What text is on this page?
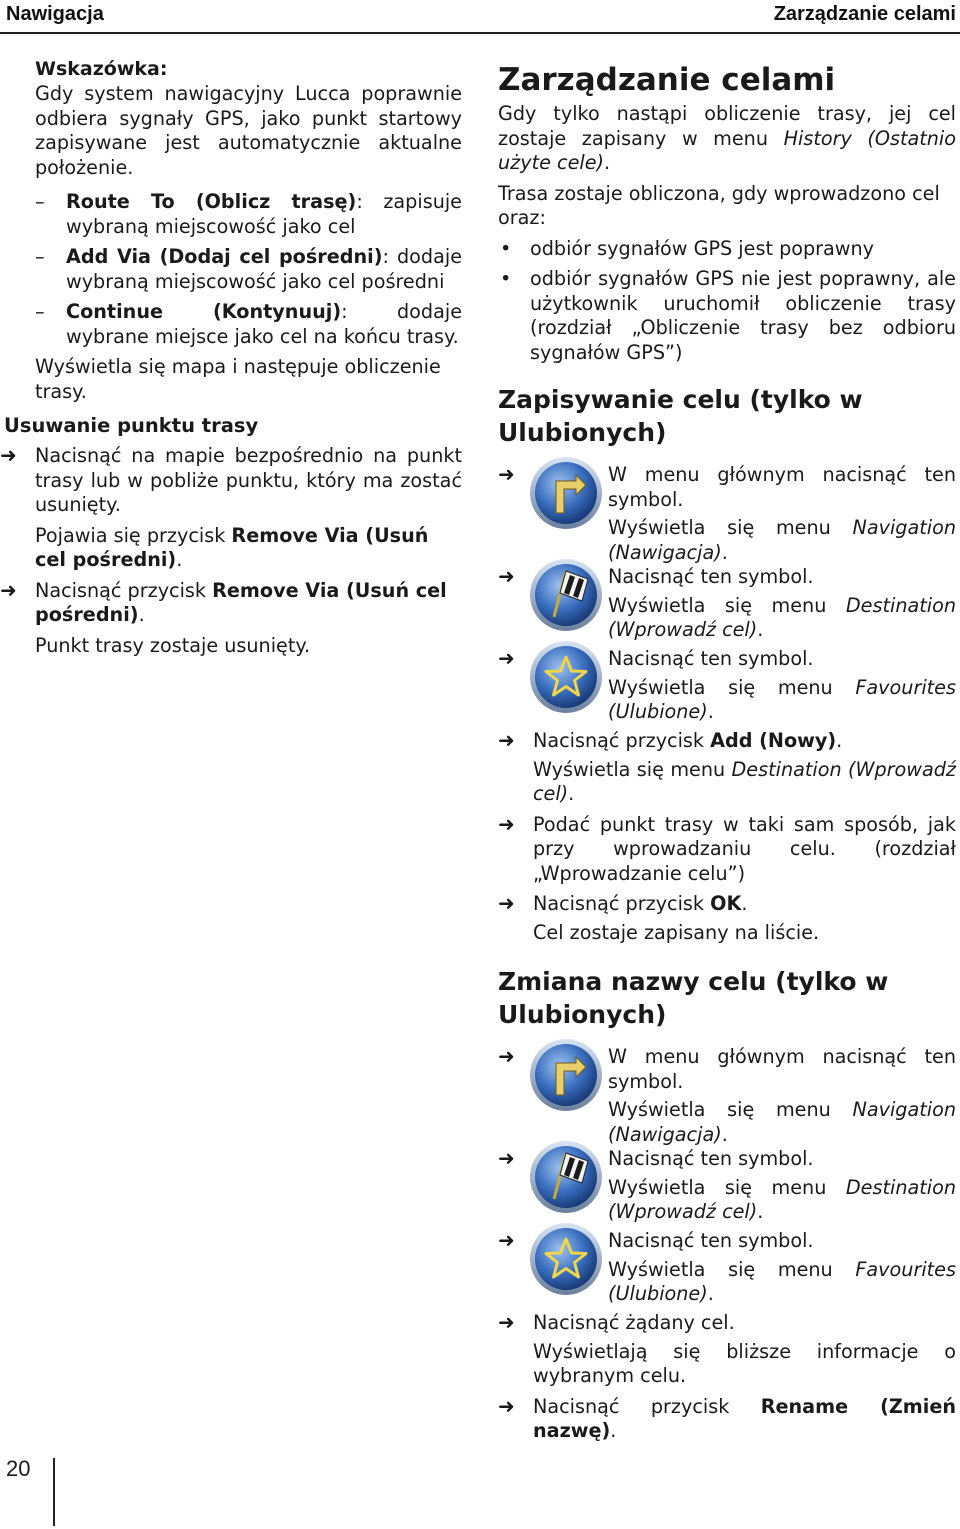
Nawigacja	Zarządzanie celami

Wskazówka:

Gdy system nawigacyjny Lucca poprawnie odbiera sygnały GPS, jako punkt startowy zapisywane jest automatycznie aktualne położenie.

– Route To (Oblicz trasę): zapisuje wybraną miejscowość jako cel

– Add Via (Dodaj cel pośredni): dodaje wybraną miejscowość jako cel pośredni

– Continue (Kontynuuj): dodaje wybrane miejsce jako cel na końcu trasy.

Wyświetla się mapa i następuje obliczenie trasy.

Usuwanie punktu trasy

➜ Nacisnąć na mapie bezpośrednio na punkt trasy lub w pobliże punktu, który ma zostać usunięty.
Pojawia się przycisk Remove Via (Usuń cel pośredni).
➜ Nacisnąć przycisk Remove Via (Usuń cel pośredni).

Punkt trasy zostaje usunięty.

Zarządzanie celami

Gdy tylko nastąpi obliczenie trasy, jej cel zostaje zapisany w menu History (Ostatnio użyte cele).

Trasa zostaje obliczona, gdy wprowadzono cel oraz:

• odbiór sygnałów GPS jest poprawny

• odbiór sygnałów GPS nie jest poprawny, ale użytkownik uruchomił obliczenie trasy (rozdział „Obliczenie trasy bez odbioru sygnałów GPS”)

Zapisywanie celu (tylko w Ulubionych)

➜	W menu głównym nacisnąć ten symbol.
Wyświetla się menu Navigation (Nawigacja).
➜	Nacisnąć ten symbol.
Wyświetla się menu Destination (Wprowadź cel).
➜	Nacisnąć ten symbol.
Wyświetla się menu Favourites (Ulubione).
➜ Nacisnąć przycisk Add (Nowy).
Wyświetla się menu Destination (Wprowadź cel).
➜ Podać punkt trasy w taki sam sposób, jak przy wprowadzaniu celu. (rozdział „Wprowadzanie celu”)
➜ Nacisnąć przycisk OK.

Cel zostaje zapisany na liście.

Zmiana nazwy celu (tylko w Ulubionych)

➜	W menu głównym nacisnąć ten symbol.
Wyświetla się menu Navigation (Nawigacja).
➜	Nacisnąć ten symbol.
Wyświetla się menu Destination (Wprowadź cel).
➜	Nacisnąć ten symbol.
Wyświetla się menu Favourites (Ulubione).
➜ Nacisnąć żądany cel.

Wyświetlają się bliższe informacje o wybranym celu.

➜ Nacisnąć przycisk Rename (Zmień nazwę).
20
